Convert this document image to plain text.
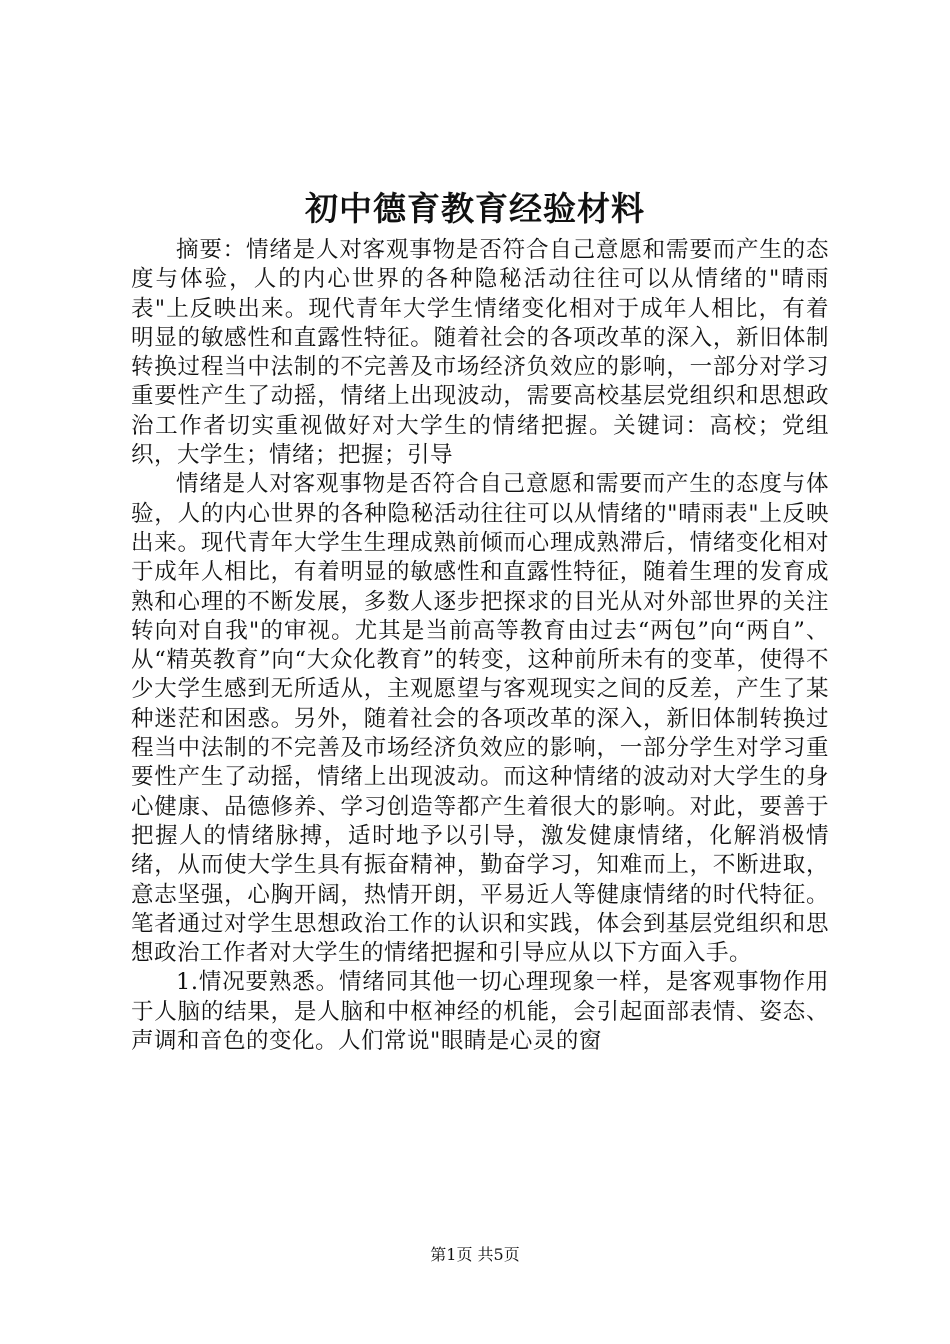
初中德育教育经验材料

摘要：情绪是人对客观事物是否符合自己意愿和需要而产生的态度与体验，人的内心世界的各种隐秘活动往往可以从情绪的"晴雨表"上反映出来。现代青年大学生情绪变化相对于成年人相比，有着明显的敏感性和直露性特征。随着社会的各项改革的深入，新旧体制转换过程当中法制的不完善及市场经济负效应的影响，一部分对学习重要性产生了动摇，情绪上出现波动，需要高校基层党组织和思想政治工作者切实重视做好对大学生的情绪把握。关键词：高校；党组织，大学生；情绪；把握；引导

情绪是人对客观事物是否符合自己意愿和需要而产生的态度与体验，人的内心世界的各种隐秘活动往往可以从情绪的"晴雨表"上反映出来。现代青年大学生生理成熟前倾而心理成熟滞后，情绪变化相对于成年人相比，有着明显的敏感性和直露性特征，随着生理的发育成熟和心理的不断发展，多数人逐步把探求的目光从对外部世界的关注转向对自我"的审视。尤其是当前高等教育由过去“两包”向“两自”、从“精英教育”向“大众化教育”的转变，这种前所未有的变革，使得不少大学生感到无所适从，主观愿望与客观现实之间的反差，产生了某种迷茫和困惑。另外，随着社会的各项改革的深入，新旧体制转换过程当中法制的不完善及市场经济负效应的影响，一部分学生对学习重要性产生了动摇，情绪上出现波动。而这种情绪的波动对大学生的身心健康、品德修养、学习创造等都产生着很大的影响。对此，要善于把握人的情绪脉搏，适时地予以引导，激发健康情绪，化解消极情绪，从而使大学生具有振奋精神，勤奋学习，知难而上，不断进取，意志坚强，心胸开阔，热情开朗，平易近人等健康情绪的时代特征。笔者通过对学生思想政治工作的认识和实践，体会到基层党组织和思想政治工作者对大学生的情绪把握和引导应从以下方面入手。

1.情况要熟悉。情绪同其他一切心理现象一样，是客观事物作用于人脑的结果，是人脑和中枢神经的机能，会引起面部表情、姿态、声调和音色的变化。人们常说"眼睛是心灵的窗

第1页 共5页
